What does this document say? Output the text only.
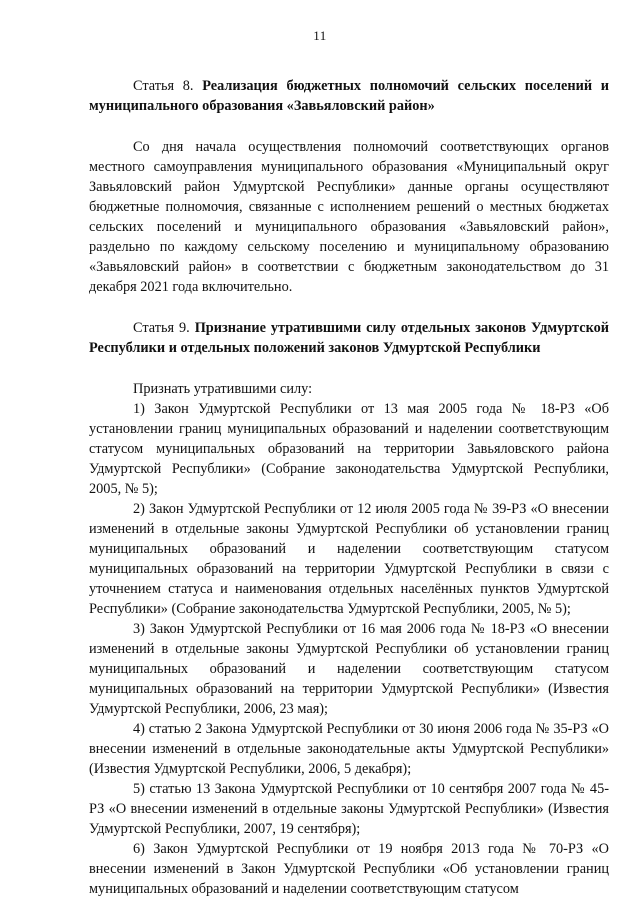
11

Статья 8. Реализация бюджетных полномочий сельских поселений и муниципального образования «Завьяловский район»

Со дня начала осуществления полномочий соответствующих органов местного самоуправления муниципального образования «Муниципальный округ Завьяловский район Удмуртской Республики» данные органы осуществляют бюджетные полномочия, связанные с исполнением решений о местных бюджетах сельских поселений и муниципального образования «Завьяловский район», раздельно по каждому сельскому поселению и муниципальному образованию «Завьяловский район» в соответствии с бюджетным законодательством до 31 декабря 2021 года включительно.

Статья 9. Признание утратившими силу отдельных законов Удмуртской Республики и отдельных положений законов Удмуртской Республики

Признать утратившими силу:

1) Закон Удмуртской Республики от 13 мая 2005 года № 18-РЗ «Об установлении границ муниципальных образований и наделении соответствующим статусом муниципальных образований на территории Завьяловского района Удмуртской Республики» (Собрание законодательства Удмуртской Республики, 2005, № 5);

2) Закон Удмуртской Республики от 12 июля 2005 года № 39-РЗ «О внесении изменений в отдельные законы Удмуртской Республики об установлении границ муниципальных образований и наделении соответствующим статусом муниципальных образований на территории Удмуртской Республики в связи с уточнением статуса и наименования отдельных населённых пунктов Удмуртской Республики» (Собрание законодательства Удмуртской Республики, 2005, № 5);

3) Закон Удмуртской Республики от 16 мая 2006 года № 18-РЗ «О внесении изменений в отдельные законы Удмуртской Республики об установлении границ муниципальных образований и наделении соответствующим статусом муниципальных образований на территории Удмуртской Республики» (Известия Удмуртской Республики, 2006, 23 мая);

4) статью 2 Закона Удмуртской Республики от 30 июня 2006 года № 35-РЗ «О внесении изменений в отдельные законодательные акты Удмуртской Республики» (Известия Удмуртской Республики, 2006, 5 декабря);

5) статью 13 Закона Удмуртской Республики от 10 сентября 2007 года № 45-РЗ «О внесении изменений в отдельные законы Удмуртской Республики» (Известия Удмуртской Республики, 2007, 19 сентября);

6) Закон Удмуртской Республики от 19 ноября 2013 года № 70-РЗ «О внесении изменений в Закон Удмуртской Республики «Об установлении границ муниципальных образований и наделении соответствующим статусом
